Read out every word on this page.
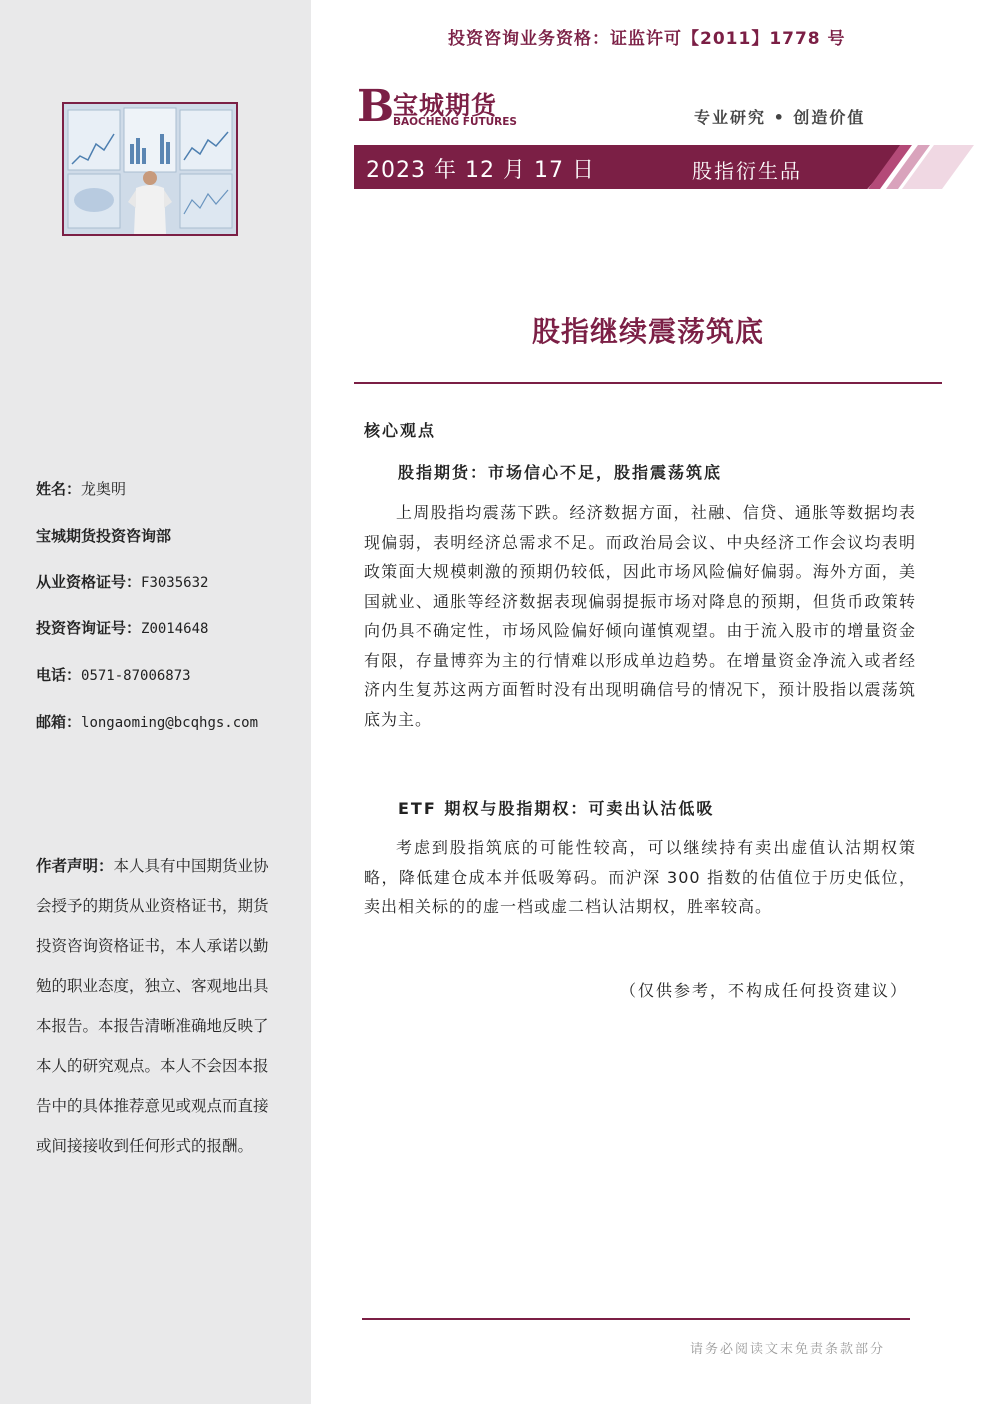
姓名：龙奥明
宝城期货投资咨询部
从业资格证号：F3035632
投资咨询证号：Z0014648
电话：0571-87006873
邮箱：longaoming@bcqhgs.com
作者声明：本人具有中国期货业协会授予的期货从业资格证书，期货投资咨询资格证书，本人承诺以勤勉的职业态度，独立、客观地出具本报告。本报告清晰准确地反映了本人的研究观点。本人不会因本报告中的具体推荐意见或观点而直接或间接接收到任何形式的报酬。
投资咨询业务资格：证监许可【2011】1778 号
B
宝城期货
BAOCHENG FUTURES	专业研究 • 创造价值
2023 年 12 月 17 日	股指衍生品
股指继续震荡筑底
核心观点
股指期货：市场信心不足，股指震荡筑底
上周股指均震荡下跌。经济数据方面，社融、信贷、通胀等数据均表现偏弱，表明经济总需求不足。而政治局会议、中央经济工作会议均表明政策面大规模刺激的预期仍较低，因此市场风险偏好偏弱。海外方面，美国就业、通胀等经济数据表现偏弱提振市场对降息的预期，但货币政策转向仍具不确定性，市场风险偏好倾向谨慎观望。由于流入股市的增量资金有限，存量博弈为主的行情难以形成单边趋势。在增量资金净流入或者经济内生复苏这两方面暂时没有出现明确信号的情况下，预计股指以震荡筑底为主。
ETF 期权与股指期权：可卖出认沽低吸
考虑到股指筑底的可能性较高，可以继续持有卖出虚值认沽期权策略，降低建仓成本并低吸筹码。而沪深 300 指数的估值位于历史低位，卖出相关标的的虚一档或虚二档认沽期权，胜率较高。
（仅供参考，不构成任何投资建议）
请务必阅读文末免责条款部分
